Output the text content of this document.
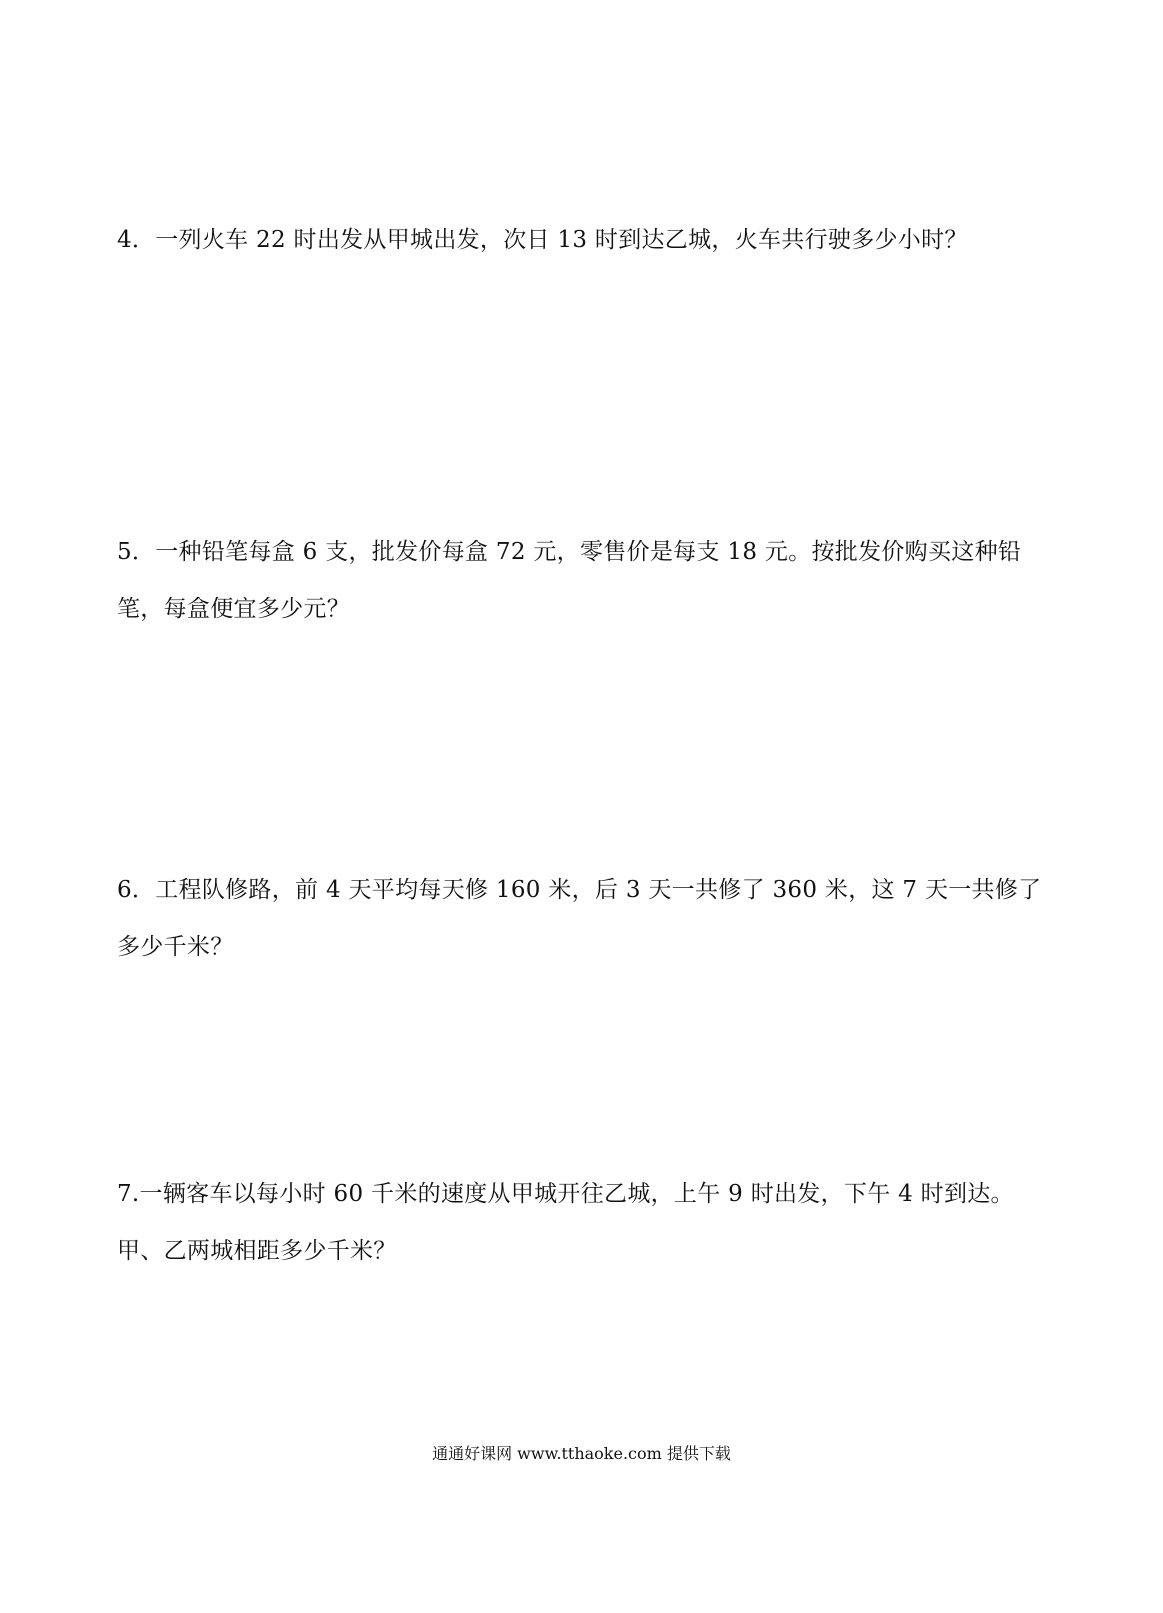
4．一列火车 22 时出发从甲城出发，次日 13 时到达乙城，火车共行驶多少小时？
5．一种铅笔每盒 6 支，批发价每盒 72 元，零售价是每支 18 元。按批发价购买这种铅
笔，每盒便宜多少元？
6．工程队修路，前 4 天平均每天修 160 米，后 3 天一共修了 360 米，这 7 天一共修了
多少千米？
7.一辆客车以每小时 60 千米的速度从甲城开往乙城，上午 9 时出发，下午 4 时到达。
甲、乙两城相距多少千米？
通通好课网 www.tthaoke.com 提供下载
